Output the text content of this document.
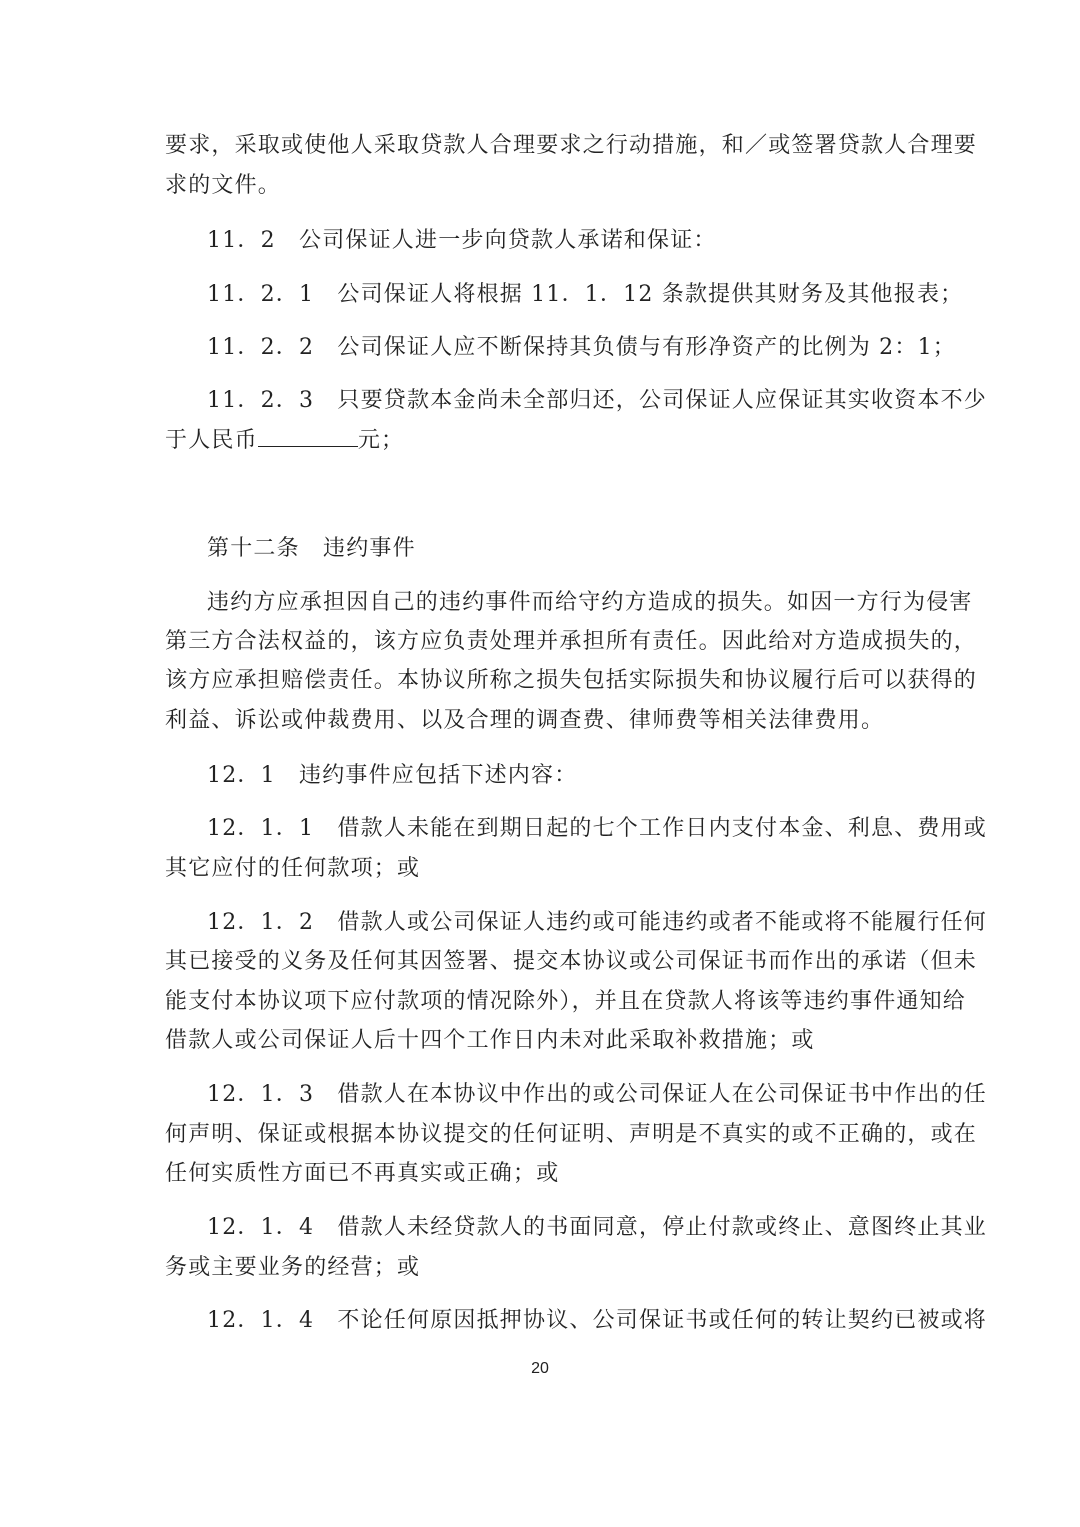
要求，采取或使他人采取贷款人合理要求之行动措施，和／或签署贷款人合理要
求的文件。
11．2　公司保证人进一步向贷款人承诺和保证：
11．2．1　公司保证人将根据 11．1．12 条款提供其财务及其他报表；
11．2．2　公司保证人应不断保持其负债与有形净资产的比例为 2：1；
11．2．3　只要贷款本金尚未全部归还，公司保证人应保证其实收资本不少
于人民币	元；
第十二条　违约事件
违约方应承担因自己的违约事件而给守约方造成的损失。如因一方行为侵害
第三方合法权益的，该方应负责处理并承担所有责任。因此给对方造成损失的，
该方应承担赔偿责任。本协议所称之损失包括实际损失和协议履行后可以获得的
利益、诉讼或仲裁费用、以及合理的调查费、律师费等相关法律费用。
12．1　违约事件应包括下述内容：
12．1．1　借款人未能在到期日起的七个工作日内支付本金、利息、费用或
其它应付的任何款项；或
12．1．2　借款人或公司保证人违约或可能违约或者不能或将不能履行任何
其已接受的义务及任何其因签署、提交本协议或公司保证书而作出的承诺（但未
能支付本协议项下应付款项的情况除外），并且在贷款人将该等违约事件通知给
借款人或公司保证人后十四个工作日内未对此采取补救措施；或
12．1．3　借款人在本协议中作出的或公司保证人在公司保证书中作出的任
何声明、保证或根据本协议提交的任何证明、声明是不真实的或不正确的，或在
任何实质性方面已不再真实或正确；或
12．1．4　借款人未经贷款人的书面同意，停止付款或终止、意图终止其业
务或主要业务的经营；或
12．1．4　不论任何原因抵押协议、公司保证书或任何的转让契约已被或将
20
